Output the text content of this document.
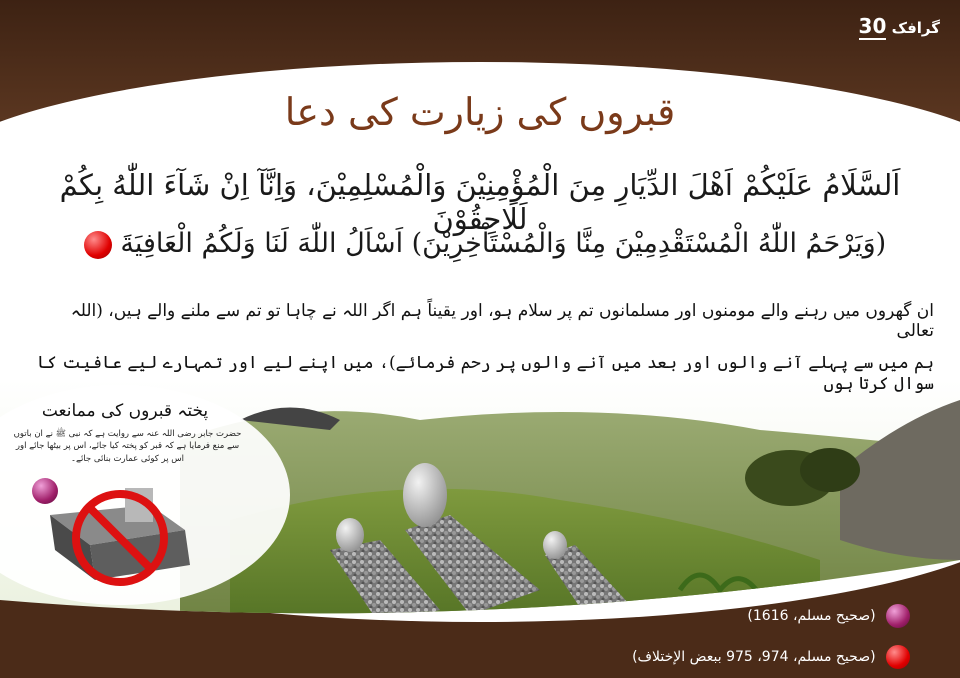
گرافک 30
قبروں کی زیارت کی دعا
اَلسَّلَامُ عَلَيْكُمْ اَهْلَ الدِّيَارِ مِنَ الْمُؤْمِنِيْنَ وَالْمُسْلِمِيْنَ، وَاِنَّآ اِنْ شَآءَ اللّٰهُ بِكُمْ لَلَاحِقُوْنَ
(وَيَرْحَمُ اللّٰهُ الْمُسْتَقْدِمِيْنَ مِنَّا وَالْمُسْتَاْخِرِيْنَ) اَسْاَلُ اللّٰهَ لَنَا وَلَكُمُ الْعَافِيَةَ
ان گھروں میں رہنے والے مومنوں اور مسلمانوں تم پر سلام ہو، اور یقیناً ہم اگر اللہ نے چاہا تو تم سے ملنے والے ہیں، (اللہ تعالی
ہم میں سے پہلے آنے والوں اور بعد میں آنے والوں پر رحم فرمائے)، میں اپنے لیے اور تمہارے لیے عافیت کا سوال کرتا ہوں
پختہ قبروں کی ممانعت
حضرت جابر رضی اللہ عنہ سے روایت ہے کہ نبی ﷺ نے ان باتوں سے منع فرمایا ہے کہ قبر کو پختہ کیا جائے، اس پر بیٹھا جائے اور اس پر کوئی عمارت بنائی جائے۔
(صحیح مسلم، 1616)
(صحیح مسلم، 974، 975 ببعض الإختلاف)
